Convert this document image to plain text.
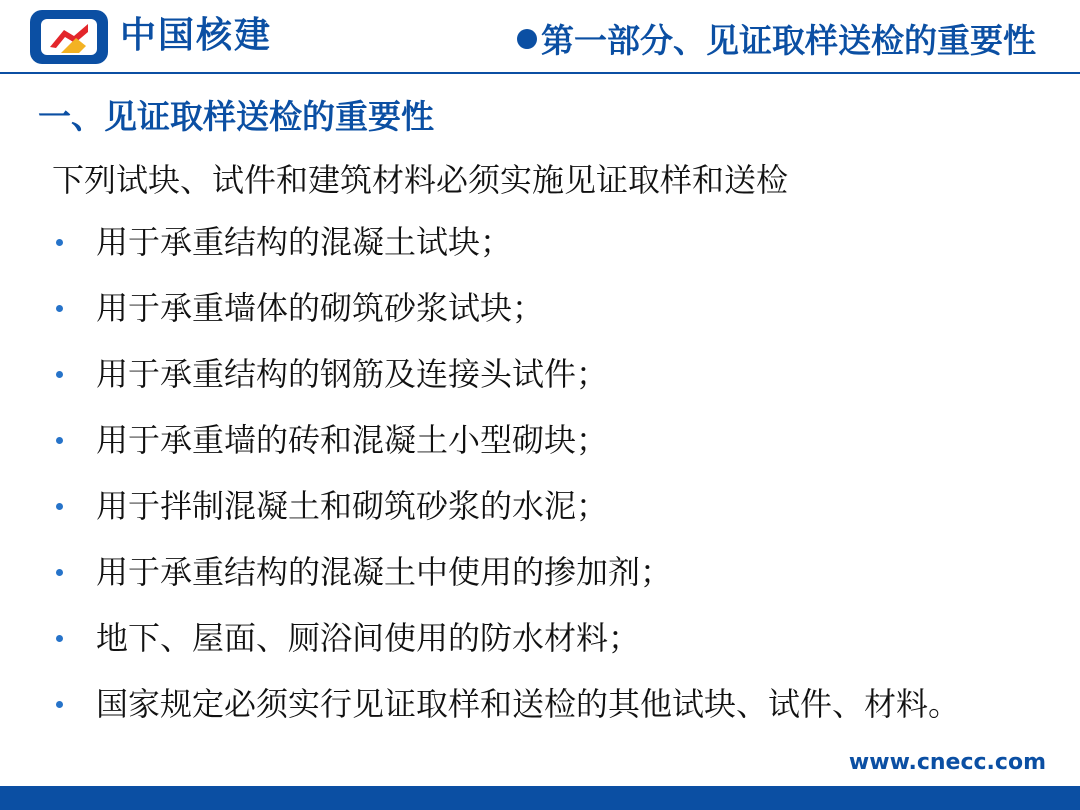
中国核建	第一部分、见证取样送检的重要性
一、见证取样送检的重要性
下列试块、试件和建筑材料必须实施见证取样和送检
用于承重结构的混凝土试块；
用于承重墙体的砌筑砂浆试块；
用于承重结构的钢筋及连接头试件；
用于承重墙的砖和混凝土小型砌块；
用于拌制混凝土和砌筑砂浆的水泥；
用于承重结构的混凝土中使用的掺加剂；
地下、屋面、厕浴间使用的防水材料；
国家规定必须实行见证取样和送检的其他试块、试件、材料。
www.cnecc.com
